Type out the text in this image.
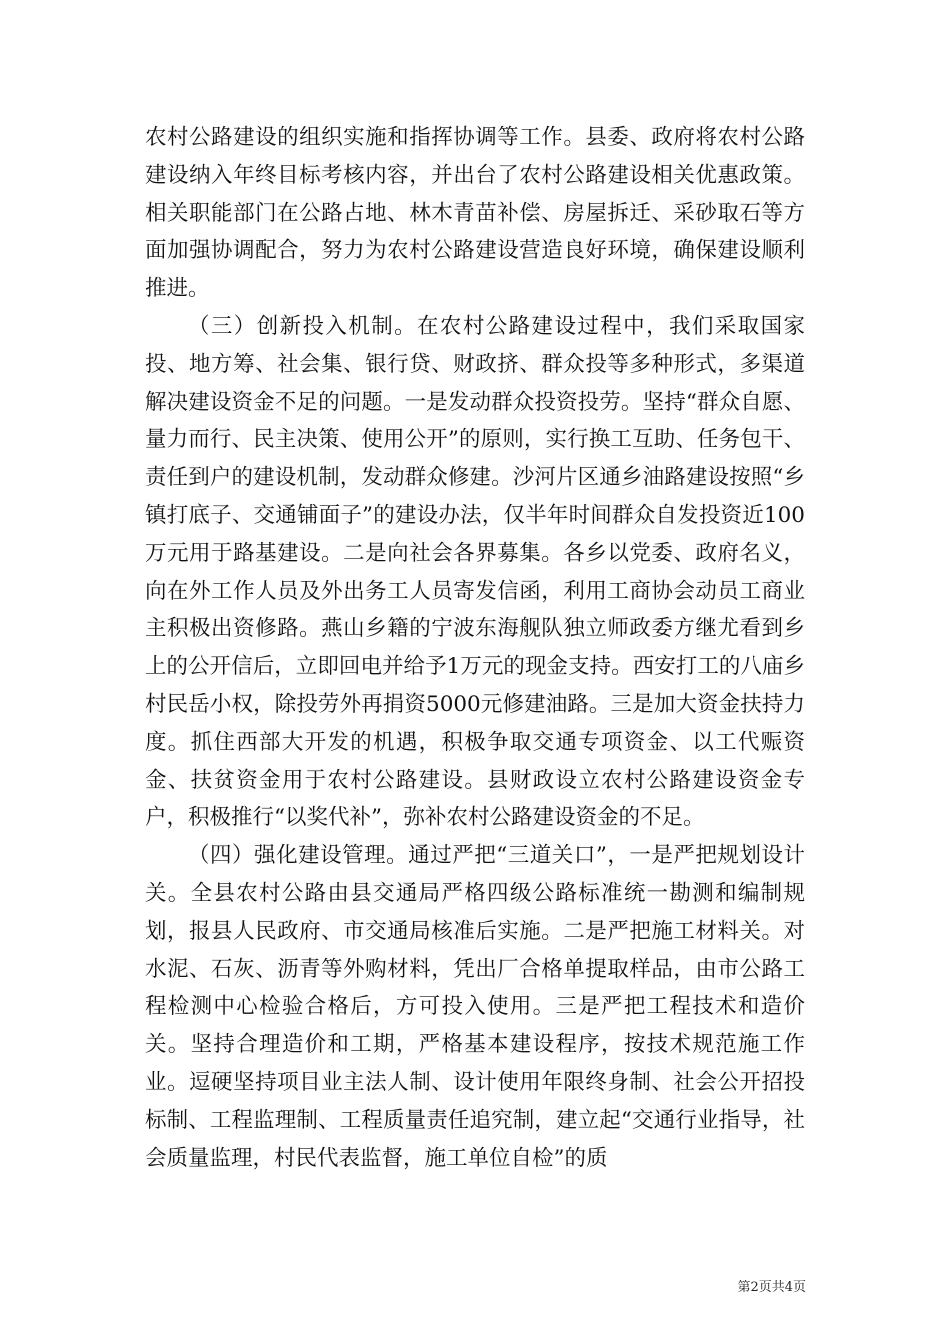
农村公路建设的组织实施和指挥协调等工作。县委、政府将农村公路建设纳入年终目标考核内容，并出台了农村公路建设相关优惠政策。相关职能部门在公路占地、林木青苗补偿、房屋拆迁、采砂取石等方面加强协调配合，努力为农村公路建设营造良好环境，确保建设顺利推进。

（三）创新投入机制。在农村公路建设过程中，我们采取国家投、地方筹、社会集、银行贷、财政挤、群众投等多种形式，多渠道解决建设资金不足的问题。一是发动群众投资投劳。坚持“群众自愿、量力而行、民主决策、使用公开”的原则，实行换工互助、任务包干、责任到户的建设机制，发动群众修建。沙河片区通乡油路建设按照“乡镇打底子、交通铺面子”的建设办法，仅半年时间群众自发投资近100万元用于路基建设。二是向社会各界募集。各乡以党委、政府名义，向在外工作人员及外出务工人员寄发信函，利用工商协会动员工商业主积极出资修路。燕山乡籍的宁波东海舰队独立师政委方继尤看到乡上的公开信后，立即回电并给予1万元的现金支持。西安打工的八庙乡村民岳小权，除投劳外再捐资5000元修建油路。三是加大资金扶持力度。抓住西部大开发的机遇，积极争取交通专项资金、以工代赈资金、扶贫资金用于农村公路建设。县财政设立农村公路建设资金专户，积极推行“以奖代补”，弥补农村公路建设资金的不足。

（四）强化建设管理。通过严把“三道关口”，一是严把规划设计关。全县农村公路由县交通局严格四级公路标准统一勘测和编制规划，报县人民政府、市交通局核准后实施。二是严把施工材料关。对水泥、石灰、沥青等外购材料，凭出厂合格单提取样品，由市公路工程检测中心检验合格后，方可投入使用。三是严把工程技术和造价关。坚持合理造价和工期，严格基本建设程序，按技术规范施工作业。逗硬坚持项目业主法人制、设计使用年限终身制、社会公开招投标制、工程监理制、工程质量责任追究制，建立起“交通行业指导，社会质量监理，村民代表监督，施工单位自检”的质

第2页共4页
